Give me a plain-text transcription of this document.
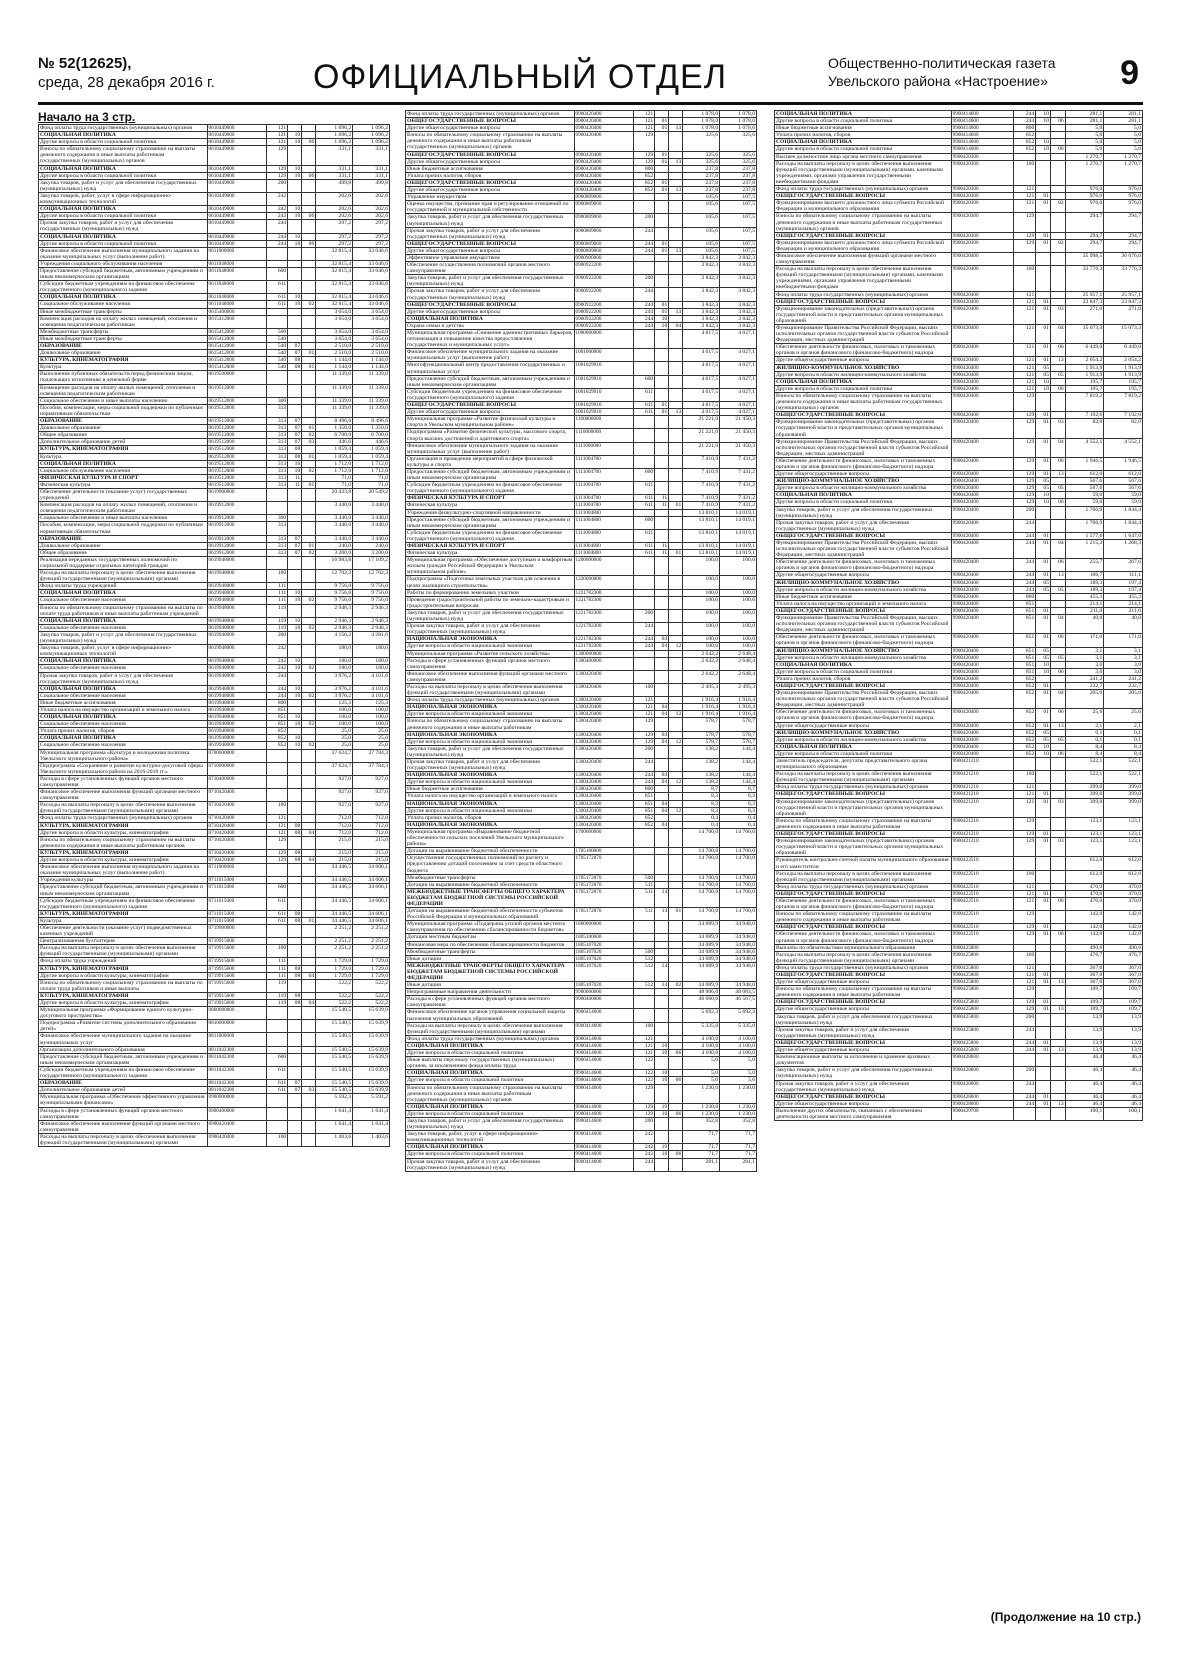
№ 52(12625),
среда, 28 декабря 2016 г.	ОФИЦИАЛЬНЫЙ ОТДЕЛ	Общественно-политическая газета
Увельского района «Настроение» 9
Начало на 3 стр.
Фонд оплаты труда государственных (муниципальных) органов	0610449000	121			1 096,2	1 096,2
СОЦИАЛЬНАЯ ПОЛИТИКА	0610449000	121	10		1 096,2	1 096,2
Другие вопросы в области социальной политики	0610449000	121	10	06	1 096,2	1 096,2
Взносы по обязательному социальному страхованию на выплаты денежного содержания и иные выплаты работникам государственных (муниципальных) органов	0610449000	129			331,1	331,1
СОЦИАЛЬНАЯ ПОЛИТИКА	0610449000	129	10		331,1	331,1
Другие вопросы в области социальной политики	0610449000	129	10	06	331,1	331,1
Закупка товаров, работ и услуг для обеспечения государственных (муниципальных) нужд	0610449000	200			499,8	499,8
Закупка товаров, работ, услуг в сфере информационно-коммуникационных технологий	0610449000	242			202,6	202,6
СОЦИАЛЬНАЯ ПОЛИТИКА	0610449000	242	10		202,6	202,6
Другие вопросы в области социальной политики	0610449000	242	10	06	202,6	202,6
Прочая закупка товаров, работ и услуг для обеспечения государственных (муниципальных) нужд	0610449000	244			297,2	297,2
СОЦИАЛЬНАЯ ПОЛИТИКА	0610449000	244	10		297,2	297,2
Другие вопросы в области социальной политики	0610449000	244	10	06	297,2	297,2
Финансовое обеспечение выполнения муниципального задания на оказание муниципальных услуг (выполнение работ)	0611000000				32 815,4	33 046,6
Учреждения социального обслуживания населения	0611048000				32 815,4	33 046,6
Предоставление субсидий бюджетным, автономным учреждениям и иным некоммерческим организациям	0611048000	600			32 815,4	33 046,6
Субсидии бюджетным учреждениям на финансовое обеспечение государственного (муниципального) задания	0611048000	611			32 815,4	33 046,6
СОЦИАЛЬНАЯ ПОЛИТИКА	0611048000	611	10		32 815,4	33 046,6
Социальное обслуживание населения	0611048000	611	10	02	32 815,4	33 046,6
Иные межбюджетные трансферты	0615400000				3 654,0	3 654,0
Компенсация расходов на оплату жилых помещений, отопления и освещения педагогическим работникам	0615412000				3 654,0	3 654,0
Межбюджетные трансферты	0615412000	500			3 654,0	3 654,0
Иные межбюджетные трансферты	0615412000	540			3 654,0	3 654,0
ОБРАЗОВАНИЕ	0615412000	540	07		2 510,0	2 510,0
Дошкольное образование	0615412000	540	07	01	2 510,0	2 510,0
КУЛЬТУРА, КИНЕМАТОГРАФИЯ	0615412000	540	08		1 144,0	1 144,0
Культура	0615412000	540	08	01	1 144,0	1 144,0
Выполнение публичных обязательств перед физическим лицом, подлежащих исполнению в денежной форме	0619500000				11 339,0	11 339,0
Возмещение расходов на оплату жилых помещений, отопления и освещения педагогическим работникам	0619512000				11 339,0	11 339,0
Социальное обеспечение и иные выплаты населению	0619512000	300			11 339,0	11 339,0
Пособия, компенсации, меры социальной поддержки по публичным нормативным обязательствам	0619512000	313			11 339,0	11 339,0
ОБРАЗОВАНИЕ	0619512000	313	07		8 496,6	8 496,6
Дошкольное образование	0619512000	313	07	01	1 350,0	1 350,0
Общее образование	0619512000	313	07	02	6 700,0	6 700,0
Дополнительное образование детей	0619512000	313	07	03	446,6	446,6
КУЛЬТУРА, КИНЕМАТОГРАФИЯ	0619512000	313	08		1 059,4	1 059,4
Культура	0619512000	313	08	01	1 059,4	1 059,4
СОЦИАЛЬНАЯ ПОЛИТИКА	0619512000	313	10		1 712,0	1 712,0
Социальное обслуживание населения	0619512000	313	10	02	1 712,0	1 712,0
ФИЗИЧЕСКАЯ КУЛЬТУРА И СПОРТ	0619512000	313	11		71,0	71,0
Физическая культура	0619512000	313	11	01	71,0	71,0
Обеспечение деятельности (оказание услуг) государственных учреждений	0619900000				20 423,8	20 549,2
Компенсация расходов на оплату жилых помещений, отопления и освещения педагогическим работникам	0619912000				3 440,0	3 440,0
Социальное обеспечение и иные выплаты населению	0619912000	300			3 440,0	3 440,0
Пособия, компенсации, меры социальной поддержки по публичным нормативным обязательствам	0619912000	313			3 440,0	3 440,0
ОБРАЗОВАНИЕ	0619912000	313	07		3 440,0	3 440,0
Дошкольное образование	0619912000	313	07	01	240,0	240,0
Общее образование	0619912000	313	07	02	3 200,0	3 200,0
Реализация переданных государственных полномочий по социальной поддержке отдельных категорий граждан	0619948000				16 983,8	17 109,2
Расходы на выплаты персоналу в целях обеспечения выполнения функций государственными (муниципальными) органами	0619948000	100			12 702,3	12 702,3
Фонд оплаты труда учреждений	0619948000	111			9 756,0	9 756,0
СОЦИАЛЬНАЯ ПОЛИТИКА	0619948000	111	10		9 756,0	9 756,0
Социальное обеспечение населения	0619948000	111	10	02	9 756,0	9 756,0
Взносы по обязательному социальному страхованию на выплаты по оплате труда работников и иные выплаты работникам учреждений	0619948000	119			2 946,3	2 946,3
СОЦИАЛЬНАЯ ПОЛИТИКА	0619948000	119	10		2 946,3	2 946,3
Социальное обеспечение населения	0619948000	119	10	02	2 946,3	2 946,3
Закупка товаров, работ и услуг для обеспечения государственных (муниципальных) нужд	0619948000	200			4 156,2	4 281,6
Закупка товаров, работ, услуг в сфере информационно-коммуникационных технологий	0619948000	242			180,0	180,0
СОЦИАЛЬНАЯ ПОЛИТИКА	0619948000	242	10		180,0	180,0
Социальное обеспечение населения	0619948000	242	10	02	180,0	180,0
Прочая закупка товаров, работ и услуг для обеспечения государственных (муниципальных) нужд	0619948000	244			3 976,2	4 101,6
СОЦИАЛЬНАЯ ПОЛИТИКА	0619948000	244	10		3 976,2	4 101,6
Социальное обеспечение населения	0619948000	244	10	02	3 976,2	4 101,6
Иные бюджетные ассигнования	0619948000	800			125,3	125,3
Уплата налога на имущество организаций и земельного налога	0619948000	851			100,0	100,0
СОЦИАЛЬНАЯ ПОЛИТИКА	0619948000	851	10		100,0	100,0
Социальное обеспечение населения	0619948000	851	10	02	100,0	100,0
Уплата прочих налогов, сборов	0619948000	852			25,0	25,0
СОЦИАЛЬНАЯ ПОЛИТИКА	0619948000	852	10		25,0	25,0
Социальное обеспечение населения	0619948000	852	10	02	25,0	25,0
Муниципальная программа «Культура и молодежная политика Увельского муниципального района»	0700000000				37 624,7	37 784,3
Подпрограмма «Сохранение и развитие культурно-досуговой сферы Увельского муниципального района на 2016-2018 гг.»	0710000000				37 624,7	37 784,3
Расходы в сфере установленных функций органов местного самоуправления	0710400000				927,0	927,0
Финансовое обеспечение выполнения функций органами местного самоуправления	0710420400				927,0	927,0
Расходы на выплаты персоналу в целях обеспечения выполнения функций государственными (муниципальными) органами	0710420400	100			927,0	927,0
Фонд оплаты труда государственных (муниципальных) органов	0710420400	121			712,0	712,0
КУЛЬТУРА, КИНЕМАТОГРАФИЯ	0710420400	121	08		712,0	712,0
Другие вопросы в области культуры, кинематографии	0710420400	121	08	04	712,0	712,0
Взносы по обязательному социальному страхованию на выплаты денежного содержания и иные выплаты работникам органов	0710420400	129			215,0	215,0
КУЛЬТУРА, КИНЕМАТОГРАФИЯ	0710420400	129	08		215,0	215,0
Другие вопросы в области культуры, кинематографии	0710420400	129	08	04	215,0	215,0
Финансовое обеспечение выполнения муниципального задания на оказание муниципальных услуг (выполнение работ)	0711000000				34 446,5	34 606,1
Учреждения культуры	0711015000				34 446,5	34 606,1
Предоставление субсидий бюджетным, автономным учреждениям и иным некоммерческим организациям	0711015000	600			34 446,5	34 606,1
Субсидии бюджетным учреждениям на финансовое обеспечение государственного (муниципального) задания	0711015000	611			34 446,5	34 606,1
КУЛЬТУРА, КИНЕМАТОГРАФИЯ	0711015000	611	08		34 446,5	34 606,1
Культура	0711015000	611	08	01	34 446,5	34 606,1
Обеспечение деятельности (оказание услуг) подведомственных казенных учреждений	0719900000				2 251,2	2 251,2
Централизованная бухгалтерия	0719915600				2 251,2	2 251,2
Расходы на выплаты персоналу в целях обеспечения выполнения функций государственными (муниципальными) органами	0719915600	100			2 251,2	2 251,2
Фонд оплаты труда учреждений	0719915600	111			1 729,0	1 729,0
КУЛЬТУРА, КИНЕМАТОГРАФИЯ	0719915600	111	08		1 729,0	1 729,0
Другие вопросы в области культуры, кинематографии	0719915600	111	08	04	1 729,0	1 729,0
Взносы по обязательному социальному страхованию на выплаты по оплате труда работников и иные выплаты	0719915600	119			522,2	522,2
КУЛЬТУРА, КИНЕМАТОГРАФИЯ	0719915600	119	08		522,2	522,2
Другие вопросы в области культуры, кинематографии	0719915600	119	08	04	522,2	522,2
Муниципальная программа «Формирование единого культурно-досугового пространства»	0800000000				15 540,5	15 639,9
Подпрограмма «Развитие системы дополнительного образования детей»	0810000000				15 540,5	15 639,9
Финансовое обеспечение муниципального задания на оказание муниципальных услуг	0811000000				15 540,5	15 639,9
Организации дополнительного образования	0811042300				15 540,5	15 639,9
Предоставление субсидий бюджетным, автономным учреждениям и иным некоммерческим организациям	0811042300	600			15 540,5	15 639,9
Субсидии бюджетным учреждениям на финансовое обеспечение государственного (муниципального) задания	0811042300	611			15 540,5	15 639,9
ОБРАЗОВАНИЕ	0811042300	611	07		15 540,5	15 639,9
Дополнительное образование детей	0811042300	611	07	03	15 540,5	15 639,9
Муниципальная программа «Обеспечение эффективного управления муниципальными финансами»	0900000000				5 592,3	5 591,2
Расходы в сфере установленных функций органов местного самоуправления	0900400000				1 641,4	1 641,4
Финансовое обеспечение выполнения функций органами местного самоуправления	0900420400				1 641,4	1 641,4
Расходы на выплаты персоналу в целях обеспечения выполнения функций государственными (муниципальными) органами	0900420400	100			1 403,6	1 403,6
Фонд оплаты труда государственных (муниципальных) органов	0900420400	121			1 078,0	1 078,0
ОБЩЕГОСУДАРСТВЕННЫЕ ВОПРОСЫ	0900420400	121	01		1 078,0	1 078,0
Другие общегосударственные вопросы	0900420400	121	01	13	1 078,0	1 078,0
Взносы по обязательному социальному страхованию на выплаты денежного содержания и иные выплаты работникам государственных (муниципальных) органов	0900420400	129			325,6	325,6
ОБЩЕГОСУДАРСТВЕННЫЕ ВОПРОСЫ	0900420400	129	01		325,6	325,6
Другие общегосударственные вопросы	0900420400	129	01	13	325,6	325,6
Иные бюджетные ассигнования	0900420400	800			237,8	237,8
Уплата прочих налогов, сборов	0900420400	852			237,8	237,8
ОБЩЕГОСУДАРСТВЕННЫЕ ВОПРОСЫ	0900420400	852	01		237,8	237,8
Другие общегосударственные вопросы	0900420400	852	01	13	237,8	237,8
Управление имуществом	0900809000				105,6	107,5
Оценка имущества, признание прав и регулирование отношений по государственной и муниципальной собственности	0900809060				105,6	107,5
Закупка товаров, работ и услуг для обеспечения государственных (муниципальных) нужд	0900809060	200			105,6	107,5
Прочая закупка товаров, работ и услуг для обеспечения государственных (муниципальных) нужд	0900809060	244			105,6	107,5
ОБЩЕГОСУДАРСТВЕННЫЕ ВОПРОСЫ	0900809060	244	01		105,6	107,5
Другие общегосударственные вопросы	0900809060	244	01	13	105,6	107,5
Эффективное управление имуществом	0900900000				3 842,3	3 842,3
Обеспечение осуществления полномочий органов местного самоуправления	0900922200				3 842,3	3 842,3
Закупка товаров, работ и услуг для обеспечения государственных (муниципальных) нужд	0900922200	200			3 842,3	3 842,3
Прочая закупка товаров, работ и услуг для обеспечения государственных (муниципальных) нужд	0900922200	244			3 842,3	3 842,3
ОБЩЕГОСУДАРСТВЕННЫЕ ВОПРОСЫ	0900922200	244	01		3 842,3	3 842,3
Другие общегосударственные вопросы	0900922200	244	01	13	3 842,3	3 842,3
СОЦИАЛЬНАЯ ПОЛИТИКА	0900922200	244	10		3 842,3	3 842,3
Охрана семьи и детства	0900922200	244	10	04	3 842,3	3 842,3
Муниципальная программа «Снижение административных барьеров, оптимизация и повышение качества предоставления государственных и муниципальных услуг»	1000000000				4 017,5	4 027,1
Финансовое обеспечение муниципального задания на оказание муниципальных услуг (выполнение работ)	1001000000				4 017,5	4 027,1
Многофункциональный центр предоставления государственных и муниципальных услуг	1001029910				4 017,5	4 027,1
Предоставление субсидий бюджетным, автономным учреждениям и иным некоммерческим организациям	1001029910	600			4 017,5	4 027,1
Субсидии бюджетным учреждениям на финансовое обеспечение государственного (муниципального) задания	1001029910	611			4 017,5	4 027,1
ОБЩЕГОСУДАРСТВЕННЫЕ ВОПРОСЫ	1001029910	611	01		4 017,5	4 027,1
Другие общегосударственные вопросы	1001029910	611	01	13	4 017,5	4 027,1
Муниципальная программа «Развитие физической культуры и спорта в Увельском муниципальном районе»	1100000000				21 221,0	21 450,3
Подпрограмма «Развитие физической культуры, массового спорта, спорта высших достижений и адаптивного спорта»	1110000000				21 221,0	21 450,3
Финансовое обеспечение муниципального задания на оказание муниципальных услуг (выполнение работ)	1111000000				21 221,0	21 450,3
Организация и проведение мероприятий в сфере физической культуры и спорта	1111004700				7 410,9	7 431,2
Предоставление субсидий бюджетным, автономным учреждениям и иным некоммерческим организациям	1111004700	600			7 410,9	7 431,2
Субсидии бюджетным учреждениям на финансовое обеспечение государственного (муниципального) задания	1111004700	611			7 410,9	7 431,2
ФИЗИЧЕСКАЯ КУЛЬТУРА И СПОРТ	1111004700	611	11		7 410,9	7 431,2
Физическая культура	1111004700	611	11	01	7 410,9	7 431,2
Учреждения физкультурно-спортивной направленности	1111004800				13 810,1	14 019,1
Предоставление субсидий бюджетным, автономным учреждениям и иным некоммерческим организациям	1111004800	600			13 810,1	14 019,1
Субсидии бюджетным учреждениям на финансовое обеспечение государственного (муниципального) задания	1111004800	611			13 810,1	14 019,1
ФИЗИЧЕСКАЯ КУЛЬТУРА И СПОРТ	1111004800	611	11		13 810,1	14 019,1
Физическая культура	1111004800	611	11	01	13 810,1	14 019,1
Муниципальная программа «Обеспечение доступным и комфортным жильем граждан Российской Федерации в Увельском муниципальном районе»	1200000000				100,0	100,0
Подпрограмма «Подготовка земельных участков для освоения в целях жилищного строительства»	1220000000				100,0	100,0
Работы по формированию земельных участков	1221782300				100,0	100,0
Проведение градостроительной работы по земельно-кадастровым и градостроительным вопросам	1221782300				100,0	100,0
Закупка товаров, работ и услуг для обеспечения государственных (муниципальных) нужд	1221782300	200			100,0	100,0
Прочая закупка товаров, работ и услуг для обеспечения государственных (муниципальных) нужд	1221782300	244			100,0	100,0
НАЦИОНАЛЬНАЯ ЭКОНОМИКА	1221782300	244	04		100,0	100,0
Другие вопросы в области национальной экономики	1221782300	244	04	12	100,0	100,0
Муниципальная программа «Развитие сельского хозяйства»	1300000000				2 642,2	2 648,4
Расходы в сфере установленных функций органов местного самоуправления	1300400000				2 642,2	2 648,4
Финансовое обеспечение выполнения функций органами местного самоуправления	1300420400				2 642,2	2 648,4
Расходы на выплаты персоналу в целях обеспечения выполнения функций государственными (муниципальными) органами	1300420400	100			2 495,3	2 495,3
Фонд оплаты труда государственных (муниципальных) органов	1300420400	121			1 916,4	1 916,4
НАЦИОНАЛЬНАЯ ЭКОНОМИКА	1300420400	121	04		1 916,4	1 916,4
Другие вопросы в области национальной экономики	1300420400	121	04	12	1 916,4	1 916,4
Взносы по обязательному социальному страхованию на выплаты денежного содержания и иные выплаты работникам	1300420400	129			578,7	578,7
НАЦИОНАЛЬНАЯ ЭКОНОМИКА	1300420400	129	04		578,7	578,7
Другие вопросы в области национальной экономики	1300420400	129	04	12	578,7	578,7
Закупка товаров, работ и услуг для обеспечения государственных (муниципальных) нужд	1300420400	200			138,2	144,4
Прочая закупка товаров, работ и услуг для обеспечения государственных (муниципальных) нужд	1300420400	244			138,2	144,4
НАЦИОНАЛЬНАЯ ЭКОНОМИКА	1300420400	244	04		138,2	144,4
Другие вопросы в области национальной экономики	1300420400	244	04	12	138,2	144,4
Иные бюджетные ассигнования	1300420400	800			8,7	8,7
Уплата налога на имущество организаций и земельного налога	1300420400	851			8,3	8,3
НАЦИОНАЛЬНАЯ ЭКОНОМИКА	1300420400	851	04		8,3	8,3
Другие вопросы в области национальной экономики	1300420400	851	04	12	8,3	8,3
Уплата прочих налогов, сборов	1300420400	852			0,4	0,4
НАЦИОНАЛЬНАЯ ЭКОНОМИКА	1300420400	852	04		0,4	0,4
Муниципальная программа «Выравнивание бюджетной обеспеченности сельских поселений Увельского муниципального района»	1700000000				14 700,0	14 700,0
Дотации на выравнивание бюджетной обеспеченности	1705100000				14 700,0	14 700,0
Осуществление государственных полномочий по расчету и предоставлению дотаций поселениям за счет средств областного бюджета	1705172870				14 700,0	14 700,0
Межбюджетные трансферты	1705172870	500			14 700,0	14 700,0
Дотации на выравнивание бюджетной обеспеченности	1705172870	511			14 700,0	14 700,0
МЕЖБЮДЖЕТНЫЕ ТРАНСФЕРТЫ ОБЩЕГО ХАРАКТЕРА БЮДЖЕТАМ БЮДЖЕТНОЙ СИСТЕМЫ РОССИЙСКОЙ ФЕДЕРАЦИИ	1705172870	511	14		14 700,0	14 700,0
Дотации на выравнивание бюджетной обеспеченности субъектов Российской Федерации и муниципальных образований	1705172870	511	14	01	14 700,0	14 700,0
Муниципальная программа «Поддержка усилий органов местного самоуправления по обеспечению сбалансированности бюджетов»	1800000000				34 089,9	34 948,0
Дотации местным бюджетам	1805100000				34 089,9	34 948,0
Финансовая мера по обеспечению сбалансированности бюджетов	1805107020				34 089,9	34 948,0
Межбюджетные трансферты	1805107020	500			34 089,9	34 948,0
Иные дотации	1805107020	512			34 089,9	34 948,0
МЕЖБЮДЖЕТНЫЕ ТРАНСФЕРТЫ ОБЩЕГО ХАРАКТЕРА БЮДЖЕТАМ БЮДЖЕТНОЙ СИСТЕМЫ РОССИЙСКОЙ ФЕДЕРАЦИИ	1805107020	512	14		34 089,9	34 948,0
Иные дотации	1805107020	512	14	02	34 089,9	34 948,0
Непрограммные направления деятельности	9900000000				48 906,0	48 083,5
Расходы в сфере установленных функций органов местного самоуправления	9900400000				46 660,6	46 567,5
Финансовое обеспечение органов управления социальной защиты населения муниципальных образований	9900414600				5 692,3	5 692,3
Расходы на выплаты персоналу в целях обеспечения выполнения функций государственными (муниципальными) органами	9900414600	100			5 335,0	5 335,0
Фонд оплаты труда государственных (муниципальных) органов	9900414600	121			4 100,0	4 100,0
СОЦИАЛЬНАЯ ПОЛИТИКА	9900414600	121	10		4 100,0	4 100,0
Другие вопросы в области социальной политики	9900414600	121	10	06	4 100,0	4 100,0
Иные выплаты персоналу государственных (муниципальных) органов, за исключением фонда оплаты труда	9900414600	122			5,0	5,0
СОЦИАЛЬНАЯ ПОЛИТИКА	9900414600	122	10		5,0	5,0
Другие вопросы в области социальной политики	9900414600	122	10	06	5,0	5,0
Взносы по обязательному социальному страхованию на выплаты денежного содержания и иные выплаты работникам государственных (муниципальных) органов	9900414600	129			1 230,0	1 230,0
СОЦИАЛЬНАЯ ПОЛИТИКА	9900414600	129	10		1 230,0	1 230,0
Другие вопросы в области социальной политики	9900414600	129	10	06	1 230,0	1 230,0
Закупка товаров, работ и услуг для обеспечения государственных (муниципальных) нужд	9900414600	200			352,8	352,8
Закупка товаров, работ, услуг в сфере информационно-коммуникационных технологий	9900414600	242			71,7	71,7
СОЦИАЛЬНАЯ ПОЛИТИКА	9900414600	242	10		71,7	71,7
Другие вопросы в области социальной политики	9900414600	242	10	06	71,7	71,7
Прочая закупка товаров, работ и услуг для обеспечения государственных (муниципальных) нужд	9900414600	244			281,1	281,1
СОЦИАЛЬНАЯ ПОЛИТИКА	9900414600	244	10		281,1	281,1
Другие вопросы в области социальной политики	9900414600	244	10	06	281,1	281,1
Иные бюджетные ассигнования	9900414600	800			5,0	5,0
Уплата прочих налогов, сборов	9900414600	852			5,0	5,0
СОЦИАЛЬНАЯ ПОЛИТИКА	9900414600	852	10		5,0	5,0
Другие вопросы в области социальной политики	9900414600	852	10	06	5,0	5,0
Высшее должностное лицо органа местного самоуправления	9900420300				1 270,7	1 270,7
Расходы на выплаты персоналу в целях обеспечения выполнения функций государственными (муниципальными) органами, казенными учреждениями, органами управления государственными внебюджетными фондами	9900420300	100			1 270,7	1 270,7
Фонд оплаты труда государственных (муниципальных) органов	9900420300	121			976,0	976,0
ОБЩЕГОСУДАРСТВЕННЫЕ ВОПРОСЫ	9900420300	121	01		976,0	976,0
Функционирование высшего должностного лица субъекта Российской Федерации и муниципального образования	9900420300	121	01	02	976,0	976,0
Взносы по обязательному социальному страхованию на выплаты денежного содержания и иные выплаты работникам государственных (муниципальных) органов	9900420300	129			294,7	294,7
ОБЩЕГОСУДАРСТВЕННЫЕ ВОПРОСЫ	9900420300	129	01		294,7	294,7
Функционирование высшего должностного лица субъекта Российской Федерации и муниципального образования	9900420300	129	01	02	294,7	294,7
Финансовое обеспечение выполнения функций органами местного самоуправления	9900420400				35 998,5	36 076,0
Расходы на выплаты персоналу в целях обеспечения выполнения функций государственными (муниципальными) органами, казенными учреждениями, органами управления государственными внебюджетными фондами	9900420400	100			33 776,3	33 776,3
Фонд оплаты труда государственных (муниципальных) органов	9900420400	121			25 957,1	25 957,1
ОБЩЕГОСУДАРСТВЕННЫЕ ВОПРОСЫ	9900420400	121	01		23 847,3	23 847,3
Функционирование законодательных (представительных) органов государственной власти и представительных органов муниципальных образований	9900420400	121	01	03	271,0	271,0
Функционирование Правительства Российской Федерации, высших исполнительных органов государственной власти субъектов Российской Федерации, местных администраций	9900420400	121	01	04	15 073,3	15 073,3
Обеспечение деятельности финансовых, налоговых и таможенных органов и органов финансового (финансово-бюджетного) надзора	9900420400	121	01	06	6 449,0	6 449,0
Другие общегосударственные вопросы	9900420400	121	01	13	2 054,2	2 054,2
ЖИЛИЩНО-КОММУНАЛЬНОЕ ХОЗЯЙСТВО	9900420400	121	05		1 913,9	1 913,9
Другие вопросы в области жилищно-коммунального хозяйства	9900420400	121	05	05	1 913,9	1 913,9
СОЦИАЛЬНАЯ ПОЛИТИКА	9900420400	121	10		195,7	195,7
Другие вопросы в области социальной политики	9900420400	121	10	06	195,7	195,7
Взносы по обязательному социальному страхованию на выплаты денежного содержания и иные выплаты работникам государственных (муниципальных) органов	9900420400	129			7 819,2	7 819,2
ОБЩЕГОСУДАРСТВЕННЫЕ ВОПРОСЫ	9900420400	129	01		7 192,6	7 192,6
Функционирование законодательных (представительных) органов государственной власти и представительных органов муниципальных образований	9900420400	129	01	03	82,0	82,0
Функционирование Правительства Российской Федерации, высших исполнительных органов государственной власти субъектов Российской Федерации, местных администраций	9900420400	129	01	04	4 552,1	4 552,1
Обеспечение деятельности финансовых, налоговых и таможенных органов и органов финансового (финансово-бюджетного) надзора	9900420400	129	01	06	1 946,5	1 946,5
Другие общегосударственные вопросы	9900420400	129	01	13	612,0	612,0
ЖИЛИЩНО-КОММУНАЛЬНОЕ ХОЗЯЙСТВО	9900420400	129	05		567,6	567,6
Другие вопросы в области жилищно-коммунального хозяйства	9900420400	129	05	05	567,6	567,6
СОЦИАЛЬНАЯ ПОЛИТИКА	9900420400	129	10		59,0	59,0
Другие вопросы в области социальной политики	9900420400	129	10	06	59,0	59,0
Закупка товаров, работ и услуг для обеспечения государственных (муниципальных) нужд	9900420400	200			1 766,9	1 844,4
Прочая закупка товаров, работ и услуг для обеспечения государственных (муниципальных) нужд	9900420400	244			1 766,9	1 844,4
ОБЩЕГОСУДАРСТВЕННЫЕ ВОПРОСЫ	9900420400	244	01		1 577,6	1 647,0
Функционирование Правительства Российской Федерации, высших исполнительных органов государственной власти субъектов Российской Федерации, местных администраций	9900420400	244	01	04	1 215,2	1 268,3
Обеспечение деятельности финансовых, налоговых и таможенных органов и органов финансового (финансово-бюджетного) надзора	9900420400	244	01	06	255,7	267,6
Другие общегосударственные вопросы	9900420400	244	01	13	106,7	111,1
ЖИЛИЩНО-КОММУНАЛЬНОЕ ХОЗЯЙСТВО	9900420400	244	05		189,3	197,4
Другие вопросы в области жилищно-коммунального хозяйства	9900420400	244	05	05	189,3	197,4
Иные бюджетные ассигнования	9900420400	800			455,3	455,3
Уплата налога на имущество организаций и земельного налога	9900420400	851			214,1	214,1
ОБЩЕГОСУДАРСТВЕННЫЕ ВОПРОСЫ	9900420400	851	01		211,0	211,0
Функционирование Правительства Российской Федерации, высших исполнительных органов государственной власти субъектов Российской Федерации, местных администраций	9900420400	851	01	04	40,0	40,0
Обеспечение деятельности финансовых, налоговых и таможенных органов и органов финансового (финансово-бюджетного) надзора	9900420400	851	01	06	171,0	171,0
ЖИЛИЩНО-КОММУНАЛЬНОЕ ХОЗЯЙСТВО	9900420400	851	05		3,1	3,1
Другие вопросы в области жилищно-коммунального хозяйства	9900420400	851	05	05	3,1	3,1
СОЦИАЛЬНАЯ ПОЛИТИКА	9900420400	851	10		3,0	3,0
Другие вопросы в области социальной политики	9900420400	851	10	06	3,0	3,0
Уплата прочих налогов, сборов	9900420400	852			241,2	241,2
ОБЩЕГОСУДАРСТВЕННЫЕ ВОПРОСЫ	9900420400	852	01		232,7	232,7
Функционирование Правительства Российской Федерации, высших исполнительных органов государственной власти субъектов Российской Федерации, местных администраций	9900420400	852	01	04	205,0	205,0
Обеспечение деятельности финансовых, налоговых и таможенных органов и органов финансового (финансово-бюджетного) надзора	9900420400	852	01	06	25,6	25,6
Другие общегосударственные вопросы	9900420400	852	01	13	2,1	2,1
ЖИЛИЩНО-КОММУНАЛЬНОЕ ХОЗЯЙСТВО	9900420400	852	05		0,1	0,1
Другие вопросы в области жилищно-коммунального хозяйства	9900420400	852	05	05	0,1	0,1
СОЦИАЛЬНАЯ ПОЛИТИКА	9900420400	852	10		8,4	8,4
Другие вопросы в области социальной политики	9900420400	852	10	06	8,4	8,4
Заместитель председателя, депутаты представительного органа муниципального образования	9900421210				522,1	522,1
Расходы на выплаты персоналу в целях обеспечения выполнения функций государственными (муниципальными) органами	9900421210	100			522,1	522,1
Фонд оплаты труда государственных (муниципальных) органов	9900421210	121			399,0	399,0
ОБЩЕГОСУДАРСТВЕННЫЕ ВОПРОСЫ	9900421210	121	01		399,0	399,0
Функционирование законодательных (представительных) органов государственной власти и представительных органов муниципальных образований	9900421210	121	01	03	399,0	399,0
Взносы по обязательному социальному страхованию на выплаты денежного содержания и иные выплаты работникам	9900421210	129			123,1	123,1
ОБЩЕГОСУДАРСТВЕННЫЕ ВОПРОСЫ	9900421210	129	01		123,1	123,1
Функционирование законодательных (представительных) органов государственной власти и представительных органов муниципальных образований	9900421210	129	01	03	123,1	123,1
Руководитель контрольно-счетной палаты муниципального образования и его заместители	9900422510				612,0	612,0
Расходы на выплаты персоналу в целях обеспечения выполнения функций государственными (муниципальными) органами	9900422510	100			612,0	612,0
Фонд оплаты труда государственных (муниципальных) органов	9900422510	121			470,0	470,0
ОБЩЕГОСУДАРСТВЕННЫЕ ВОПРОСЫ	9900422510	121	01		470,0	470,0
Обеспечение деятельности финансовых, налоговых и таможенных органов и органов финансового (финансово-бюджетного) надзора	9900422510	121	01	06	470,0	470,0
Взносы по обязательному социальному страхованию на выплаты денежного содержания и иные выплаты работникам	9900422510	129			142,0	142,0
ОБЩЕГОСУДАРСТВЕННЫЕ ВОПРОСЫ	9900422510	129	01		142,0	142,0
Обеспечение деятельности финансовых, налоговых и таможенных органов и органов финансового (финансово-бюджетного) надзора	9900422510	129	01	06	142,0	142,0
Выплаты по обязательствам муниципального образования	9900425800				490,6	490,6
Расходы на выплаты персоналу в целях обеспечения выполнения функций государственными (муниципальными) органами	9900425800	100			476,7	476,7
Фонд оплаты труда государственных (муниципальных) органов	9900425800	121			367,0	367,0
ОБЩЕГОСУДАРСТВЕННЫЕ ВОПРОСЫ	9900425800	121	01		367,0	367,0
Другие общегосударственные вопросы	9900425800	121	01	13	367,0	367,0
Взносы по обязательному социальному страхованию на выплаты денежного содержания и иные выплаты работникам	9900425800	129			109,7	109,7
ОБЩЕГОСУДАРСТВЕННЫЕ ВОПРОСЫ	9900425800	129	01		109,7	109,7
Другие общегосударственные вопросы	9900425800	129	01	13	109,7	109,7
Закупка товаров, работ и услуг для обеспечения государственных (муниципальных) нужд	9900425800	200			13,9	13,9
Прочая закупка товаров, работ и услуг для обеспечения государственных (муниципальных) нужд	9900425800	244			13,9	13,9
ОБЩЕГОСУДАРСТВЕННЫЕ ВОПРОСЫ	9900425800	244	01		13,9	13,9
Другие общегосударственные вопросы	9900425800	244	01	13	13,9	13,9
Компенсационные выплаты за исполнение и хранение архивных документов	9900428600				46,4	46,4
Закупка товаров, работ и услуг для обеспечения государственных (муниципальных) нужд	9900428600	200			46,4	46,4
Прочая закупка товаров, работ и услуг для обеспечения государственных (муниципальных) нужд	9900428600	244			46,4	46,4
ОБЩЕГОСУДАРСТВЕННЫЕ ВОПРОСЫ	9900428600	244	01		46,4	46,4
Другие общегосударственные вопросы	9900428600	244	01	13	46,4	46,4
Выполнение других обязательств, связанных с обеспечением деятельности органов местного самоуправления	9900429700				100,1	100,1
(Продолжение на 10 стр.)
